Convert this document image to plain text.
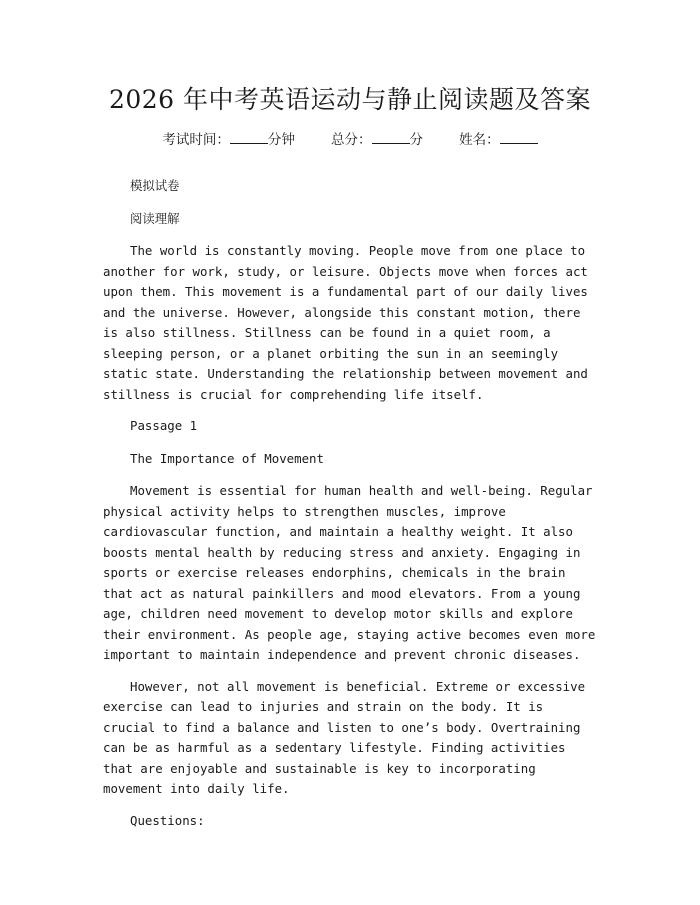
2026 年中考英语运动与静止阅读题及答案
考试时间：	分钟	总分：	分	姓名：

模拟试卷

阅读理解

The world is constantly moving. People move from one place to another for work, study, or leisure. Objects move when forces act upon them. This movement is a fundamental part of our daily lives and the universe. However, alongside this constant motion, there is also stillness. Stillness can be found in a quiet room, a sleeping person, or a planet orbiting the sun in an seemingly static state. Understanding the relationship between movement and stillness is crucial for comprehending life itself.

Passage 1

The Importance of Movement

Movement is essential for human health and well-being. Regular physical activity helps to strengthen muscles, improve cardiovascular function, and maintain a healthy weight. It also boosts mental health by reducing stress and anxiety. Engaging in sports or exercise releases endorphins, chemicals in the brain that act as natural painkillers and mood elevators. From a young age, children need movement to develop motor skills and explore their environment. As people age, staying active becomes even more important to maintain independence and prevent chronic diseases.

However, not all movement is beneficial. Extreme or excessive exercise can lead to injuries and strain on the body. It is crucial to find a balance and listen to one’s body. Overtraining can be as harmful as a sedentary lifestyle. Finding activities that are enjoyable and sustainable is key to incorporating movement into daily life.

Questions:
